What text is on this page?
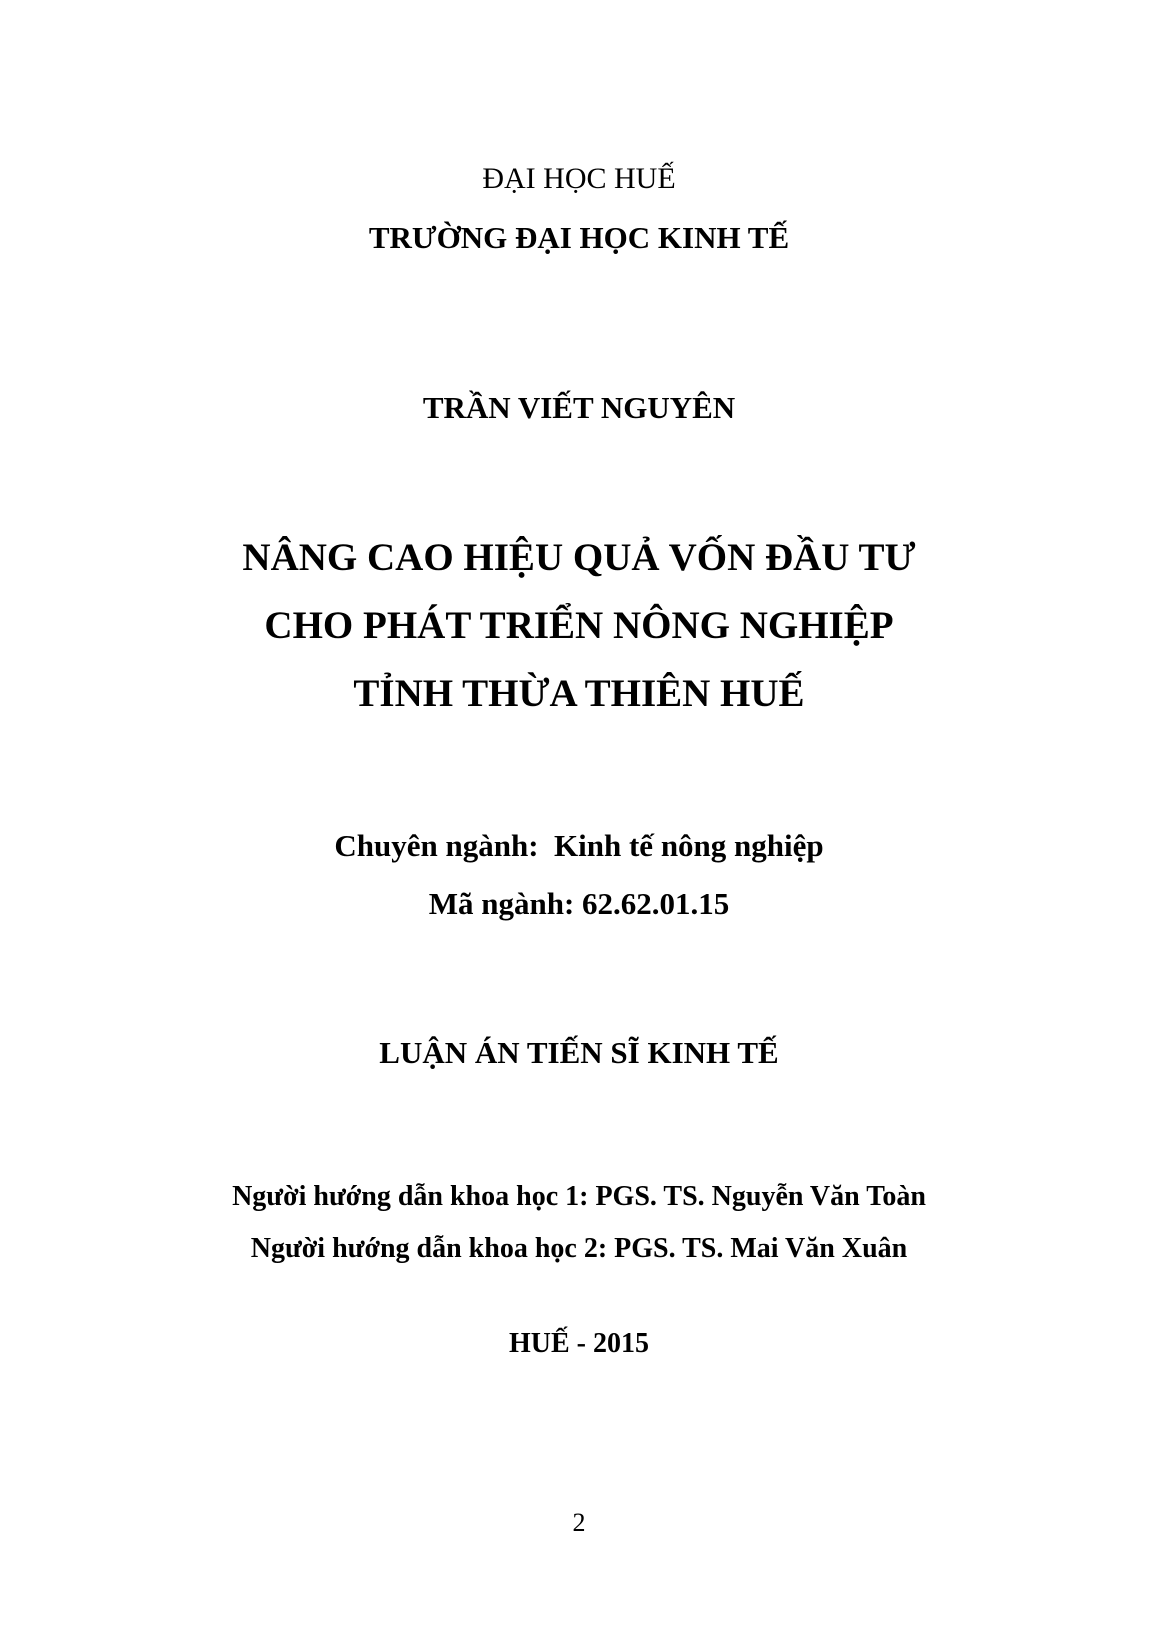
ĐẠI HỌC HUẾ
TRƯỜNG ĐẠI HỌC KINH TẾ
TRẦN VIẾT NGUYÊN
NÂNG CAO HIỆU QUẢ VỐN ĐẦU TƯ
CHO PHÁT TRIỂN NÔNG NGHIỆP
TỈNH THỪA THIÊN HUẾ
Chuyên ngành:  Kinh tế nông nghiệp
Mã ngành: 62.62.01.15
LUẬN ÁN TIẾN SĨ KINH TẾ
Người hướng dẫn khoa học 1: PGS. TS. Nguyễn Văn Toàn
Người hướng dẫn khoa học 2: PGS. TS. Mai Văn Xuân
HUẾ - 2015
2
